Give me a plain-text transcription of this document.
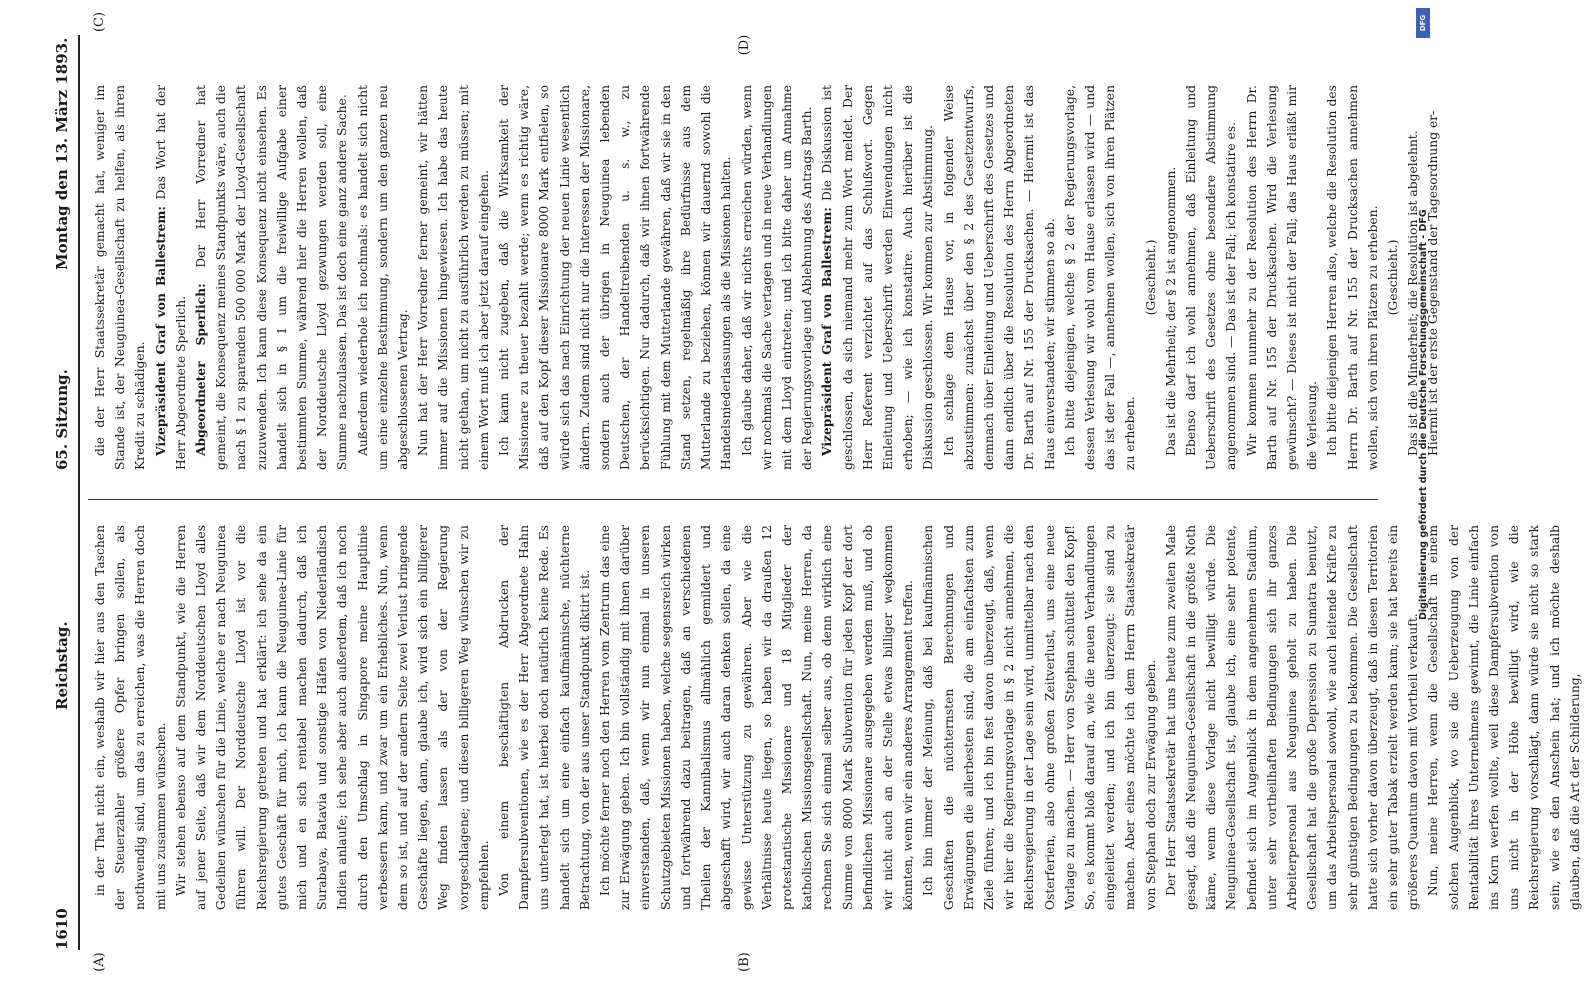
1610
Reichstag.
65. Sitzung.
Montag den 13. März 1893.
(A)	(B)
(C)
(D)

in der That nicht ein, weshalb wir hier aus den Taschen der Steuerzahler größere Opfer bringen sollen, als nothwendig sind, um das zu erreichen, was die Herren doch mit uns zusammen wünschen. Wir stehen ebenso auf dem Standpunkt, wie die Herren auf jener Seite, daß wir dem Norddeutschen Lloyd alles Gedeihen wünschen für die Linie, welche er nach Neuguinea führen will. Der Norddeutsche Lloyd ist vor die Reichsregierung getreten und hat erklärt: ich sehe da ein gutes Geschäft für mich, ich kann die Neuguinea-Linie für mich und en sich rentabel machen dadurch, daß ich Surabaya, Batavia und sonstige Häfen von Niederländisch Indien anlaufe; ich sehe aber auch außerdem, daß ich noch durch den Umschlag in Singapore meine Hauptlinie verbessern kann, und zwar um ein Erhebliches. Nun, wenn dem so ist, und auf der andern Seite zwei Verlust bringende Geschäfte liegen, dann, glaube ich, wird sich ein billigerer Weg finden lassen als der von der Regierung vorgeschlagene; und diesen billigeren Weg wünschen wir zu empfehlen. Von einem beschäftigten Abdrucken der Dampfersubventionen, wie es der Herr Abgeordnete Hahn uns unterlegt hat, ist hierbei doch natürlich keine Rede. Es handelt sich um eine einfach kaufmännische, nüchterne Betrachtung, von der aus unser Standpunkt diktirt ist. Ich möchte ferner noch den Herren vom Zentrum das eine zur Erwägung geben. Ich bin vollständig mit ihnen darüber einverstanden, daß, wenn wir nun einmal in unseren Schutzgebieten Missionen haben, welche segensreich wirken und fortwährend dazu beitragen, daß an verschiedenen Theilen der Kannibalismus allmählich gemildert und abgeschafft wird, wir auch daran denken sollen, da eine gewisse Unterstützung zu gewähren. Aber wie die Verhältnisse heute liegen, so haben wir da draußen 12 protestantische Missionare und 18 Mitglieder der katholischen Missionsgesellschaft. Nun, meine Herren, da rechnen Sie sich einmal selber aus, ob denn wirklich eine Summe von 8000 Mark Subvention für jeden Kopf der dort befindlichen Missionare ausgegeben werden muß, und ob wir nicht auch an der Stelle etwas billiger wegkommen könnten, wenn wir ein anderes Arrangement treffen. Ich bin immer der Meinung, daß bei kaufmännischen Geschäften die nüchternsten Berechnungen und Erwägungen die allerbesten sind, die am einfachsten zum Ziele führen; und ich bin fest davon überzeugt, daß, wenn wir hier die Regierungsvorlage in § 2 nicht annehmen, die Reichsregierung in der Lage sein wird, unmittelbar nach den Osterferien, also ohne großen Zeitverlust, uns eine neue Vorlage zu machen. — Herr von Stephan schüttelt den Kopf! So, es kommt bloß darauf an, wie die neuen Verhandlungen eingeleitet werden; und ich bin überzeugt: sie sind zu machen. Aber eines möchte ich dem Herrn Staatssekretär von Stephan doch zur Erwägung geben. Der Herr Staatssekretär hat uns heute zum zweiten Male gesagt, daß die Neuguinea-Gesellschaft in die größte Noth käme, wenn diese Vorlage nicht bewilligt würde. Die Neuguinea-Gesellschaft ist, glaube ich, eine sehr potente, befindet sich im Augenblick in dem angenehmen Stadium, unter sehr vortheilhaften Bedingungen sich ihr ganzes Arbeiterpersonal aus Neuguinea geholt zu haben. Die Gesellschaft hat die große Depression zu Sumatra benutzt, um das Arbeitspersonal sowohl, wie auch leitende Kräfte zu sehr günstigen Bedingungen zu bekommen. Die Gesellschaft hatte sich vorher davon überzeugt, daß in diesen Territorien ein sehr guter Tabak erzielt werden kann; sie hat bereits ein größeres Quantum davon mit Vortheil verkauft. Nun, meine Herren, wenn die Gesellschaft in einem solchen Augenblick, wo sie die Ueberzeugung von der Rentabilität ihres Unternehmens gewinnt, die Linie einfach ins Korn werfen wollte, weil diese Dampfersubvention von uns nicht in der Höhe bewilligt wird, wie die Reichsregierung vorschlägt, dann würde sie nicht so stark sein, wie es den Anschein hat; und ich möchte deshalb glauben, daß die Art der Schilderung,

die der Herr Staatssekretär gemacht hat, weniger im Stande ist, der Neuguinea-Gesellschaft zu helfen, als ihren Kredit zu schädigen. Vizepräsident Graf von Ballestrem: Das Wort hat der Herr Abgeordnete Sperlich. Abgeordneter Sperlich: Der Herr Vorredner hat gemeint, die Konsequenz meines Standpunkts wäre, auch die nach § 1 zu sparenden 500 000 Mark der Lloyd-Gesellschaft zuzuwenden. Ich kann diese Konsequenz nicht einsehen. Es handelt sich in § 1 um die freiwillige Aufgabe einer bestimmten Summe, während hier die Herren wollen, daß der Norddeutsche Lloyd gezwungen werden soll, eine Summe nachzulassen. Das ist doch eine ganz andere Sache. Außerdem wiederhole ich nochmals: es handelt sich nicht um eine einzelne Bestimmung, sondern um den ganzen neu abgeschlossenen Vertrag. Nun hat der Herr Vorredner ferner gemeint, wir hätten immer auf die Missionen hingewiesen. Ich habe das heute nicht gethan, um nicht zu ausführlich werden zu müssen; mit einem Wort muß ich aber jetzt darauf eingehen. Ich kann nicht zugeben, daß die Wirksamkeit der Missionare zu theuer bezahlt werde; wenn es richtig wäre, daß auf den Kopf dieser Missionare 8000 Mark entfielen, so würde sich das nach Einrichtung der neuen Linie wesentlich ändern. Zudem sind nicht nur die Interessen der Missionare, sondern auch der übrigen in Neuguinea lebenden Deutschen, der Handeltreibenden u. s. w., zu berücksichtigen. Nur dadurch, daß wir ihnen fortwährende Fühlung mit dem Mutterlande gewähren, daß wir sie in den Stand setzen, regelmäßig ihre Bedürfnisse aus dem Mutterlande zu beziehen, können wir dauernd sowohl die Handelsniederlassungen als die Missionen halten. Ich glaube daher, daß wir nichts erreichen würden, wenn wir nochmals die Sache vertagen und in neue Verhandlungen mit dem Lloyd eintreten; und ich bitte daher um Annahme der Regierungsvorlage und Ablehnung des Antrags Barth. Vizepräsident Graf von Ballestrem: Die Diskussion ist geschlossen, da sich niemand mehr zum Wort meldet. Der Herr Referent verzichtet auf das Schlußwort. Gegen Einleitung und Ueberschrift werden Einwendungen nicht erhoben; — wie ich konstatire. Auch hierüber ist die Diskussion geschlossen. Wir kommen zur Abstimmung. Ich schlage dem Hause vor, in folgender Weise abzustimmen: zunächst über den § 2 des Gesetzentwurfs, demnach über Einleitung und Ueberschrift des Gesetzes und dann endlich über die Resolution des Herrn Abgeordneten Dr. Barth auf Nr. 155 der Drucksachen. — Hiermit ist das Haus einverstanden; wir stimmen so ab. Ich bitte diejenigen, welche § 2 der Regierungsvorlage, dessen Verlesung wir wohl vom Hause erlassen wird — und das ist der Fall —, annehmen wollen, sich von ihren Plätzen zu erheben.

(Geschieht.) Das ist die Mehrheit; der § 2 ist angenommen. Ebenso darf ich wohl annehmen, daß Einleitung und Ueberschrift des Gesetzes ohne besondere Abstimmung angenommen sind. — Das ist der Fall; ich konstatire es. Wir kommen nunmehr zu der Resolution des Herrn Dr. Barth auf Nr. 155 der Drucksachen. Wird die Verlesung gewünscht? — Dieses ist nicht der Fall; das Haus erläßt mir die Verlesung. Ich bitte diejenigen Herren also, welche die Resolution des Herrn Dr. Barth auf Nr. 155 der Drucksachen annehmen wollen, sich von ihren Plätzen zu erheben. (Geschieht.) Das ist die Minderheit; die Resolution ist abgelehnt. Hiermit ist der erste Gegenstand der Tagesordnung er-

DFG
Digitalisierung gefördert durch die Deutsche Forschungsgemeinschaft - DFG
